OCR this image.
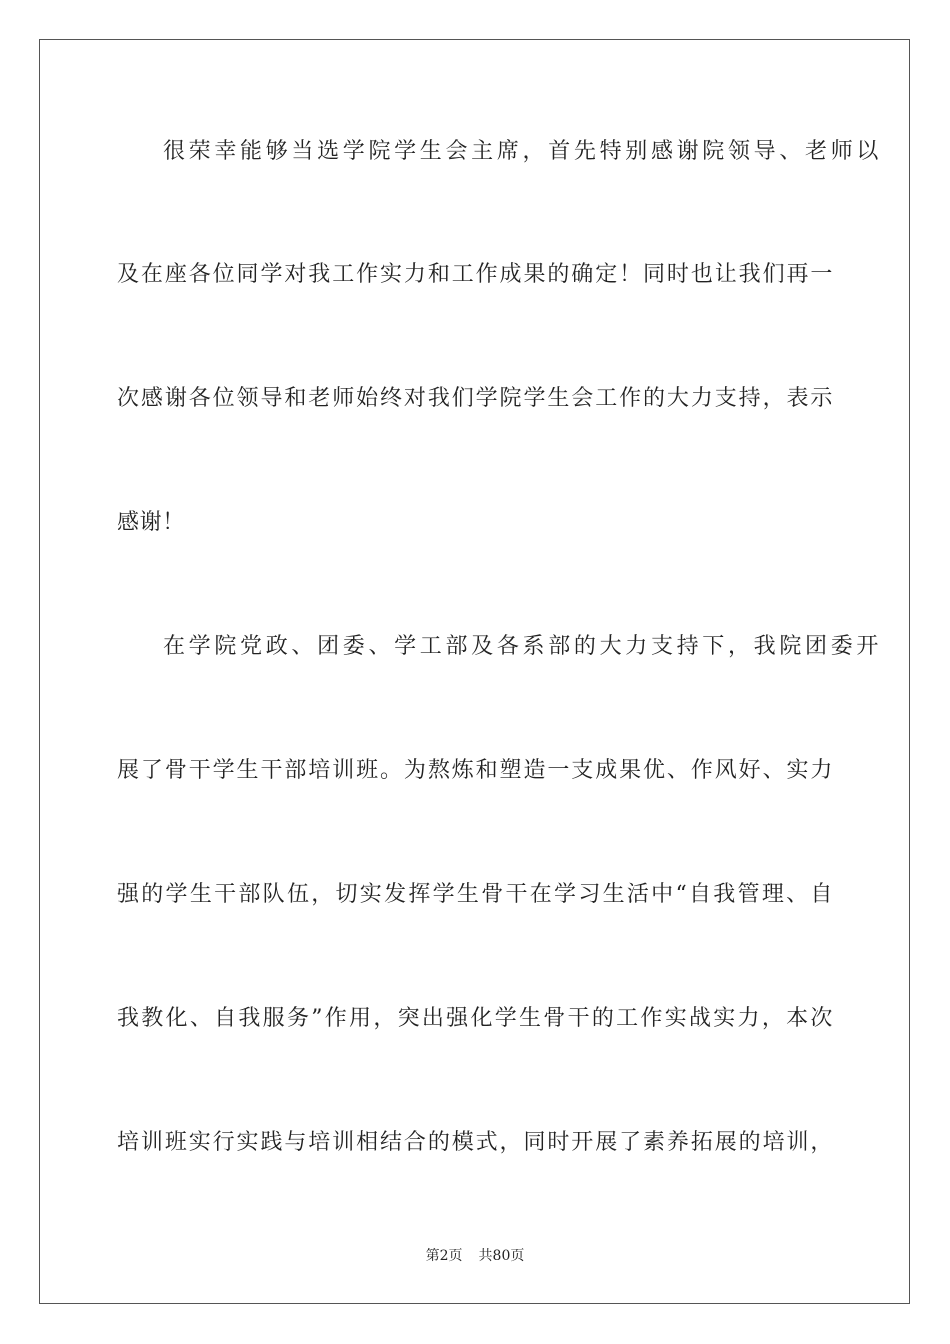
很荣幸能够当选学院学生会主席，首先特别感谢院领导、老师以
及在座各位同学对我工作实力和工作成果的确定！同时也让我们再一
次感谢各位领导和老师始终对我们学院学生会工作的大力支持，表示
感谢！
在学院党政、团委、学工部及各系部的大力支持下，我院团委开
展了骨干学生干部培训班。为熬炼和塑造一支成果优、作风好、实力
强的学生干部队伍，切实发挥学生骨干在学习生活中“自我管理、自
我教化、自我服务”作用，突出强化学生骨干的工作实战实力，本次
培训班实行实践与培训相结合的模式，同时开展了素养拓展的培训，
第2页 共80页
